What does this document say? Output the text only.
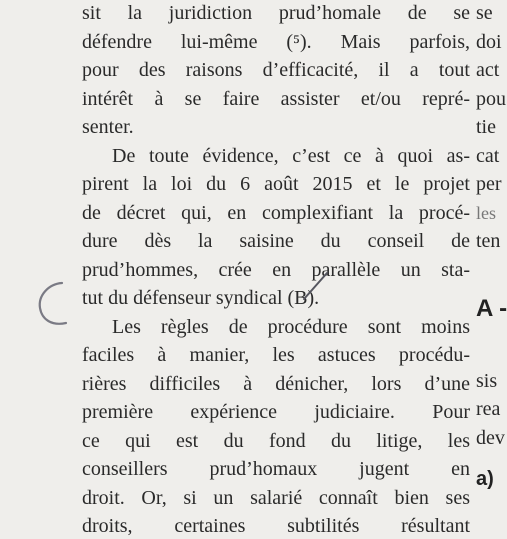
sit la juridiction prud’homale de se
défendre lui-même (⁵). Mais parfois,
pour des raisons d’efficacité, il a tout
intérêt à se faire assister et/ou repré-
senter.
De toute évidence, c’est ce à quoi as-
pirent la loi du 6 août 2015 et le projet
de décret qui, en complexifiant la procé-
dure dès la saisine du conseil de
prud’hommes, crée en parallèle un sta-
tut du défenseur syndical (B).
Les règles de procédure sont moins
faciles à manier, les astuces procédu-
rières difficiles à dénicher, lors d’une
première expérience judiciaire. Pour
ce qui est du fond du litige, les
conseillers prud’homaux jugent en
droit. Or, si un salarié connaît bien ses
droits, certaines subtilités résultant
se
doi
act
pou
tie
cat
per
les
ten
A -
sis
rea
dev
a)
